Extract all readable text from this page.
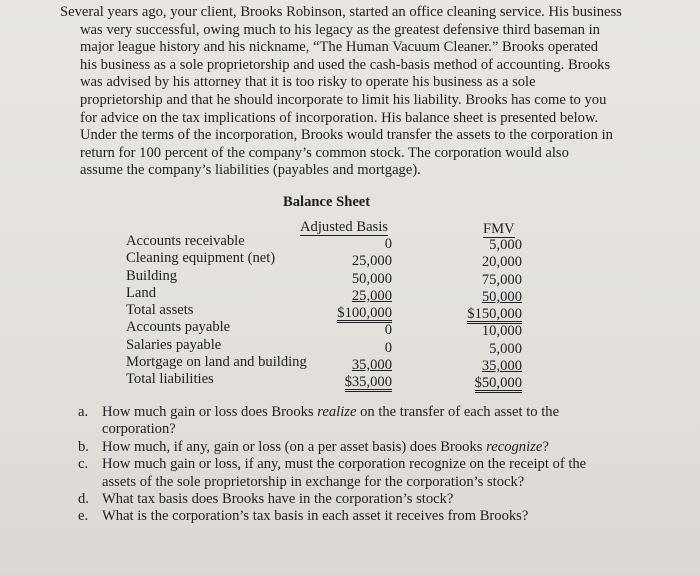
Several years ago, your client, Brooks Robinson, started an office cleaning service. His business
was very successful, owing much to his legacy as the greatest defensive third baseman in
major league history and his nickname, “The Human Vacuum Cleaner.” Brooks operated
his business as a sole proprietorship and used the cash-basis method of accounting. Brooks
was advised by his attorney that it is too risky to operate his business as a sole
proprietorship and that he should incorporate to limit his liability. Brooks has come to you
for advice on the tax implications of incorporation. His balance sheet is presented below.
Under the terms of the incorporation, Brooks would transfer the assets to the corporation in
return for 100 percent of the company’s common stock. The corporation would also
assume the company’s liabilities (payables and mortgage).
Balance Sheet
Adjusted Basis	FMV
Accounts receivable
Cleaning equipment (net)
Building
Land
Total assets
Accounts payable
Salaries payable
Mortgage on land and building
Total liabilities
0
25,000
50,000
25,000
$100,000
0
0
35,000
$35,000
5,000
20,000
75,000
50,000
$150,000
10,000
5,000
35,000
$50,000
a. How much gain or loss does Brooks realize on the transfer of each asset to the
corporation?
b. How much, if any, gain or loss (on a per asset basis) does Brooks recognize?
c. How much gain or loss, if any, must the corporation recognize on the receipt of the
assets of the sole proprietorship in exchange for the corporation’s stock?
d. What tax basis does Brooks have in the corporation’s stock?
e. What is the corporation’s tax basis in each asset it receives from Brooks?
